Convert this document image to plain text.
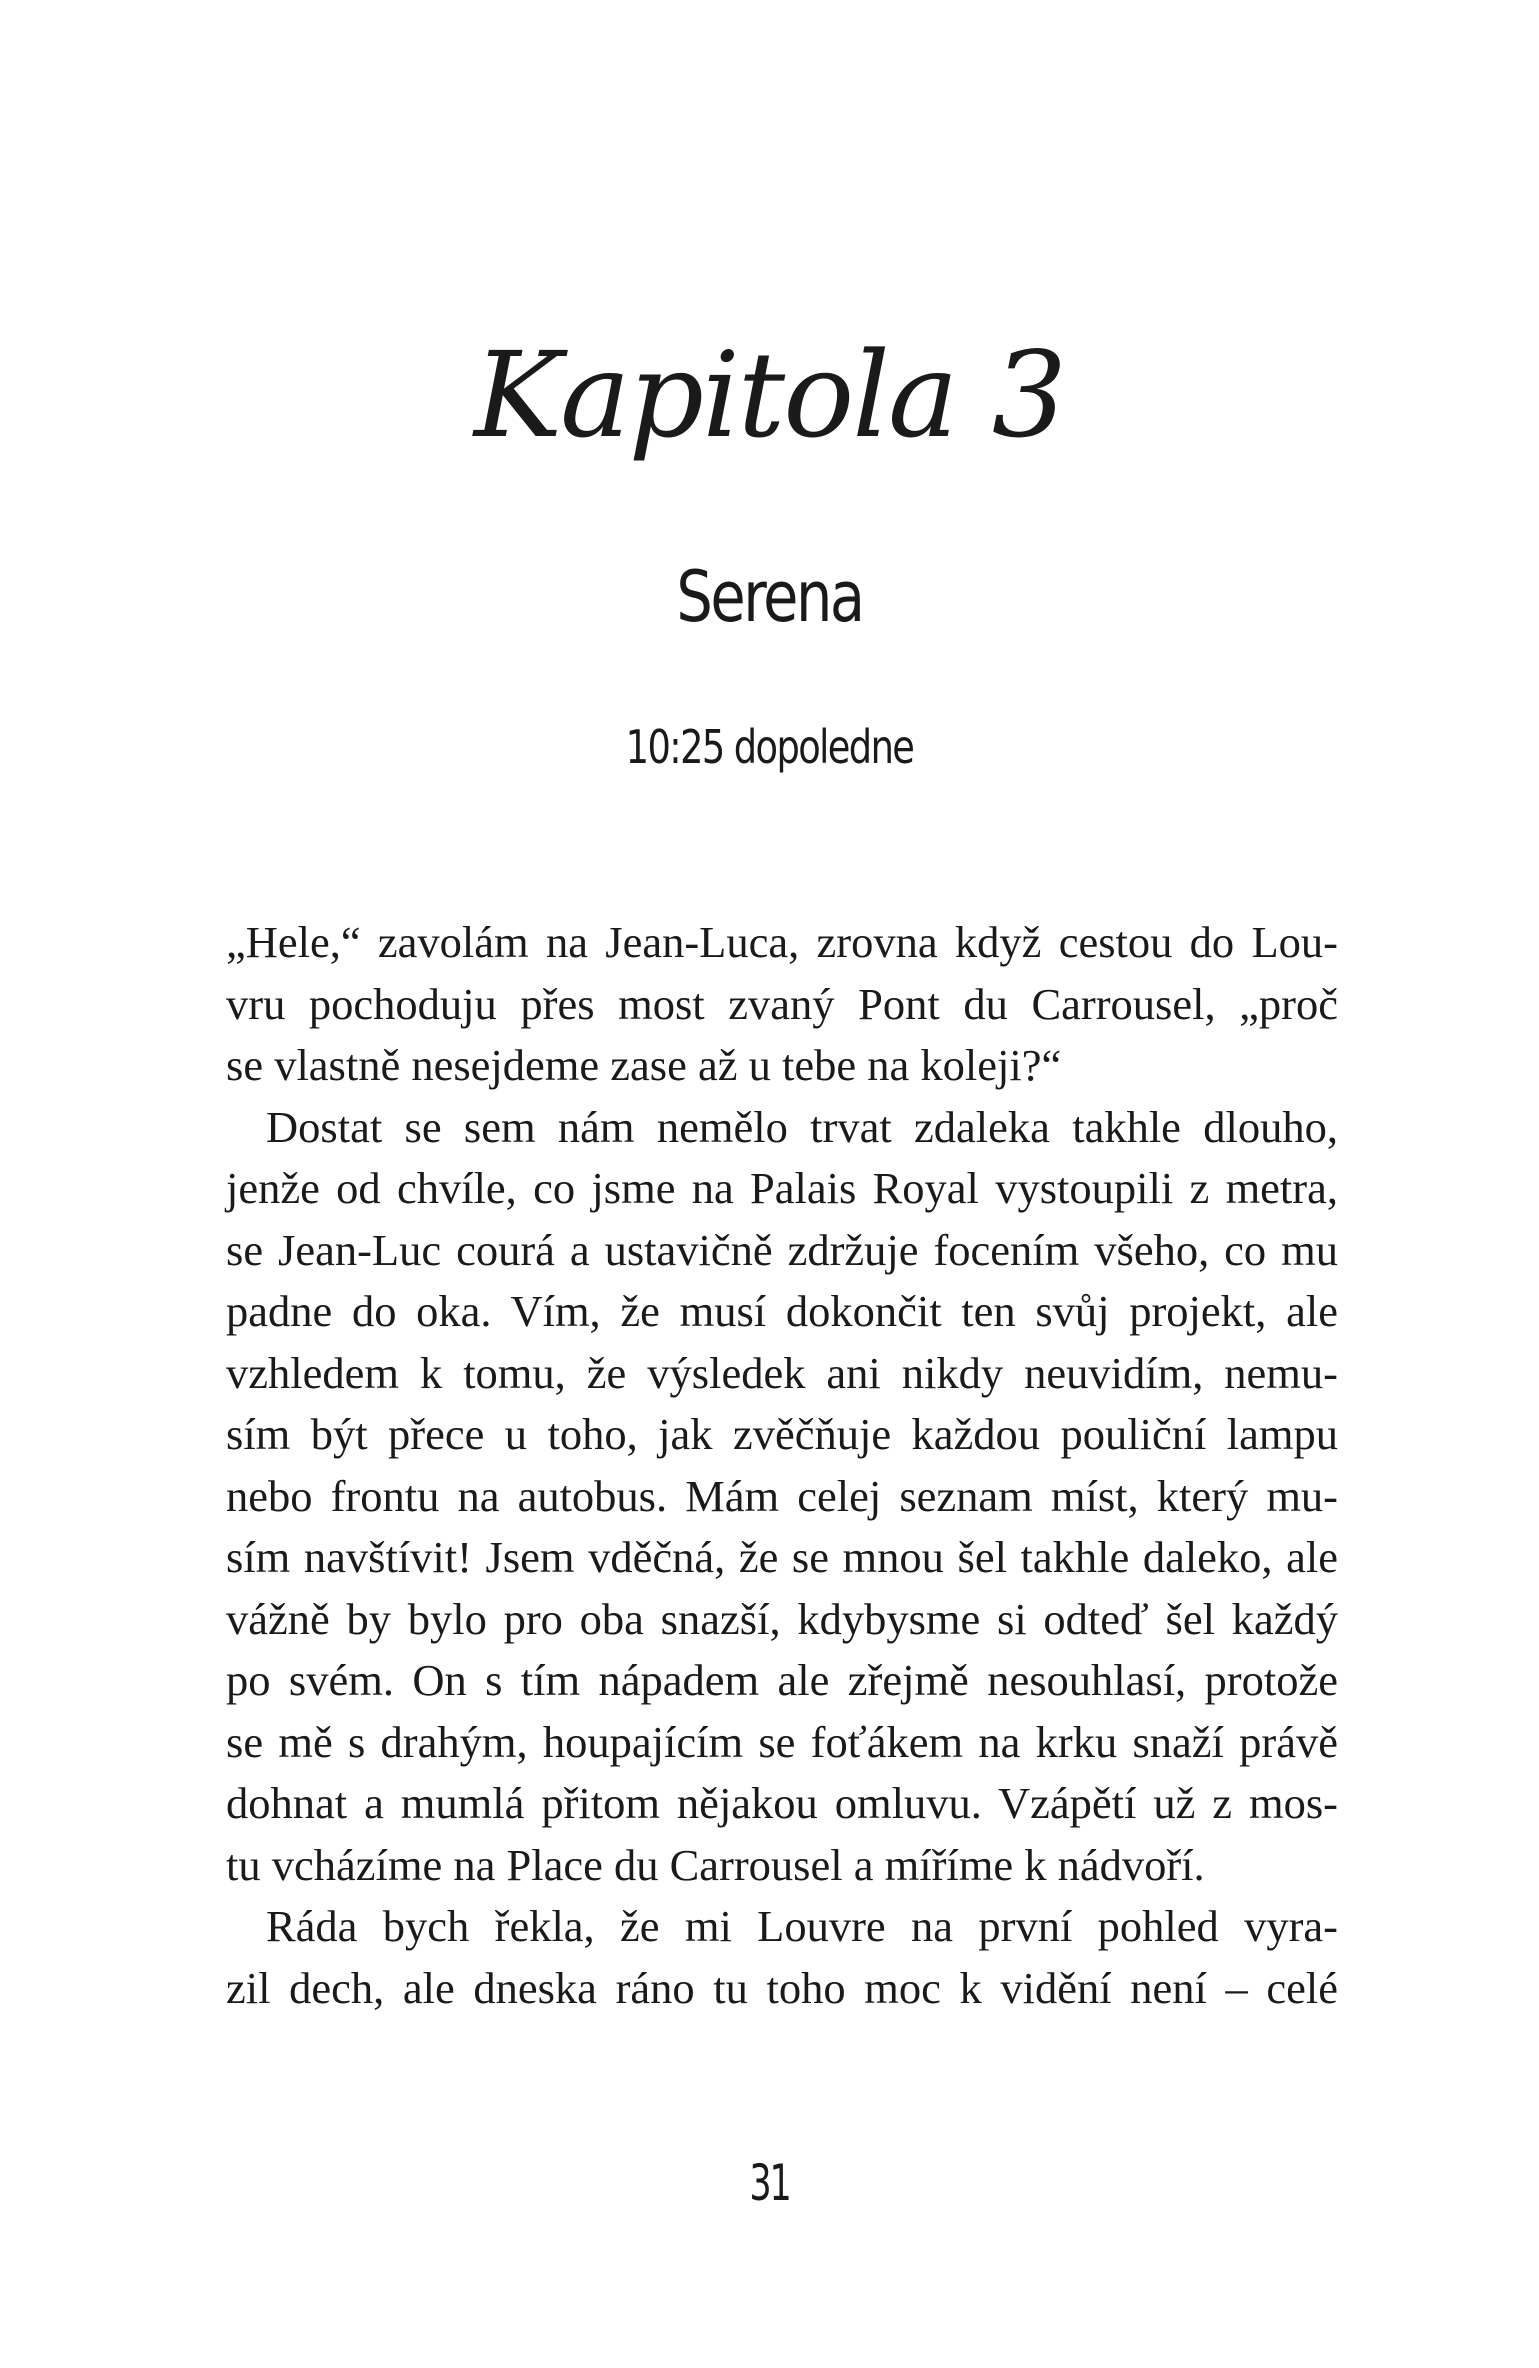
Kapitola 3
Serena
10:25 dopoledne
„Hele,“ zavolám na Jean-Luca, zrovna když cestou do Lou-
vru pochoduju přes most zvaný Pont du Carrousel, „proč
se vlastně nesejdeme zase až u tebe na koleji?“
Dostat se sem nám nemělo trvat zdaleka takhle dlouho,
jenže od chvíle, co jsme na Palais Royal vystoupili z metra,
se Jean-Luc courá a ustavičně zdržuje focením všeho, co mu
padne do oka. Vím, že musí dokončit ten svůj projekt, ale
vzhledem k tomu, že výsledek ani nikdy neuvidím, nemu-
sím být přece u toho, jak zvěčňuje každou pouliční lampu
nebo frontu na autobus. Mám celej seznam míst, který mu-
sím navštívit! Jsem vděčná, že se mnou šel takhle daleko, ale
vážně by bylo pro oba snazší, kdybysme si odteď šel každý
po svém. On s tím nápadem ale zřejmě nesouhlasí, protože
se mě s drahým, houpajícím se foťákem na krku snaží právě
dohnat a mumlá přitom nějakou omluvu. Vzápětí už z mos-
tu vcházíme na Place du Carrousel a míříme k nádvoří.
Ráda bych řekla, že mi Louvre na první pohled vyra-
zil dech, ale dneska ráno tu toho moc k vidění není – celé
31
